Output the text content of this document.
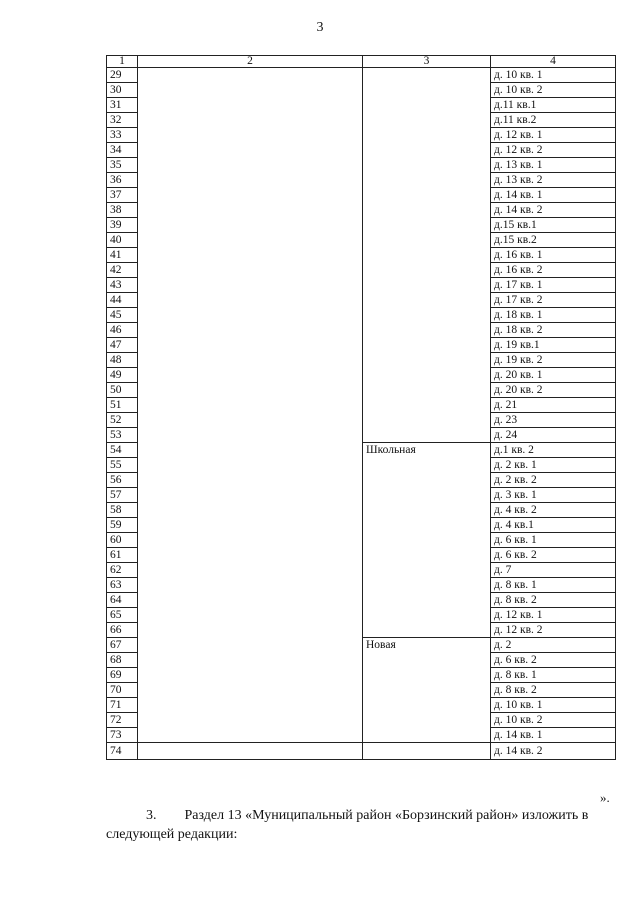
3
1	2	3	4
29			д. 10 кв. 1
30			д. 10 кв. 2
31			д.11 кв.1
32			д.11 кв.2
33			д. 12 кв. 1
34			д. 12 кв. 2
35			д. 13 кв. 1
36			д. 13 кв. 2
37			д. 14 кв. 1
38			д. 14 кв. 2
39			д.15 кв.1
40			д.15 кв.2
41			д. 16 кв. 1
42			д. 16 кв. 2
43			д. 17 кв. 1
44			д. 17 кв. 2
45			д. 18 кв. 1
46			д. 18 кв. 2
47			д. 19 кв.1
48			д. 19 кв. 2
49			д. 20 кв. 1
50			д. 20 кв. 2
51			д. 21
52			д. 23
53			д. 24
54		Школьная	д.1 кв. 2
55			д. 2 кв. 1
56			д. 2 кв. 2
57			д. 3 кв. 1
58			д. 4 кв. 2
59			д. 4 кв.1
60			д. 6 кв. 1
61			д. 6 кв. 2
62			д. 7
63			д. 8 кв. 1
64			д. 8 кв. 2
65			д. 12 кв. 1
66			д. 12 кв. 2
67		Новая	д. 2
68			д. 6 кв. 2
69			д. 8 кв. 1
70			д. 8 кв. 2
71			д. 10 кв. 1
72			д. 10 кв. 2
73			д. 14 кв. 1
74			д. 14 кв. 2
».
3. Раздел 13 «Муниципальный район «Борзинский район» изложить в следующей редакции:
